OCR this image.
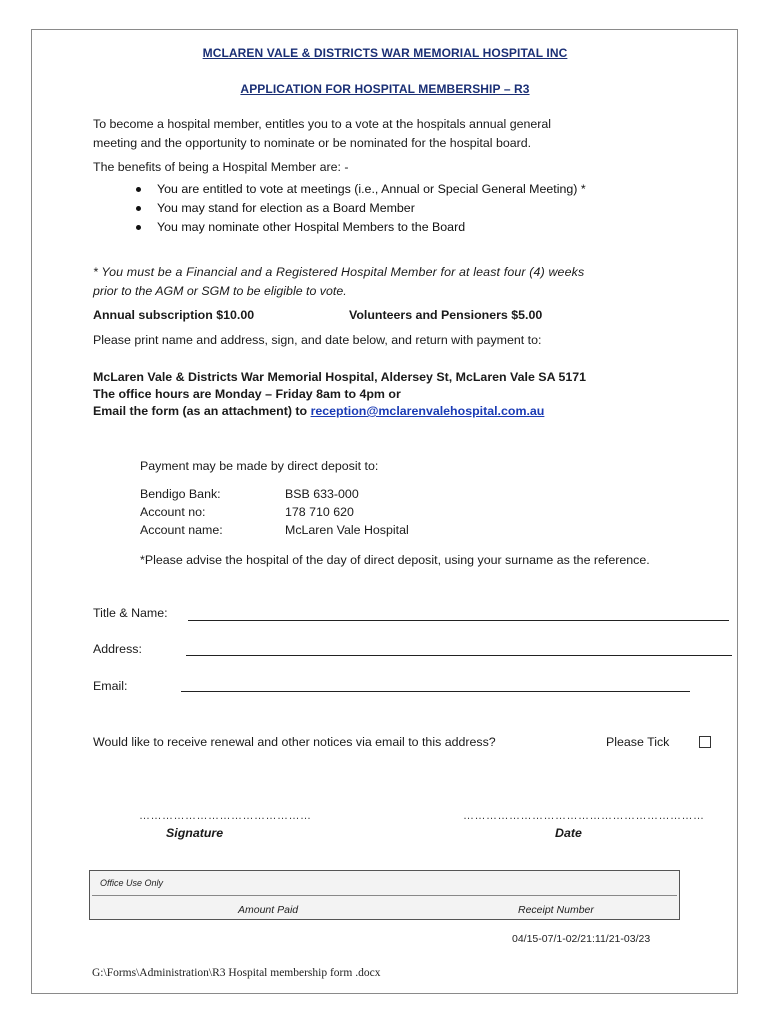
MCLAREN VALE & DISTRICTS WAR MEMORIAL HOSPITAL INC
APPLICATION FOR HOSPITAL MEMBERSHIP – R3
To become a hospital member, entitles you to a vote at the hospitals annual general
meeting and the opportunity to nominate or be nominated for the hospital board.
The benefits of being a Hospital Member are: -
You are entitled to vote at meetings (i.e., Annual or Special General Meeting) *
You may stand for election as a Board Member
You may nominate other Hospital Members to the Board
* You must be a Financial and a Registered Hospital Member for at least four (4) weeks
prior to the AGM or SGM to be eligible to vote.
Annual subscription $10.00	Volunteers and Pensioners $5.00
Please print name and address, sign, and date below, and return with payment to:
McLaren Vale & Districts War Memorial Hospital, Aldersey St, McLaren Vale SA 5171
The office hours are Monday – Friday 8am to 4pm or
Email the form (as an attachment) to reception@mclarenvalehospital.com.au
Payment may be made by direct deposit to:
Bendigo Bank:	BSB 633-000
Account no:	178 710 620
Account name:	McLaren Vale Hospital
*Please advise the hospital of the day of direct deposit, using your surname as the reference.
Title & Name:
Address:
Email:
Would like to receive renewal and other notices via email to this address?	Please Tick
………………………………………	………………………………………………………
Signature	Date
Office Use Only
Amount Paid	Receipt Number
04/15-07/1-02/21:11/21-03/23
G:\Forms\Administration\R3 Hospital membership form .docx
